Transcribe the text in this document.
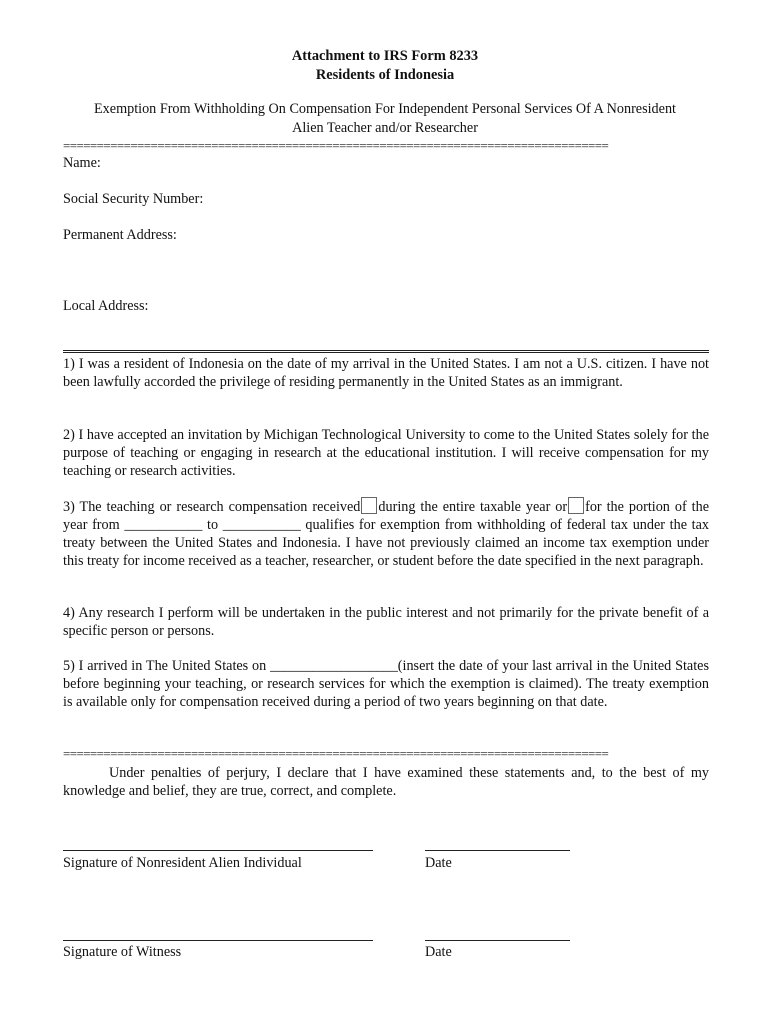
Attachment to IRS Form 8233
Residents of Indonesia
Exemption From Withholding On Compensation For Independent Personal Services Of A Nonresident
Alien Teacher and/or Researcher
=================================================================================
Name:
Social Security Number:
Permanent Address:
Local Address:
1) I was a resident of Indonesia on the date of my arrival in the United States. I am not a U.S. citizen. I have not been lawfully accorded the privilege of residing permanently in the United States as an immigrant.
2) I have accepted an invitation by Michigan Technological University to come to the United States solely for the purpose of teaching or engaging in research at the educational institution. I will receive compensation for my teaching or research activities.
3) The teaching or research compensation received during the entire taxable year or for the portion of the year from ___________ to ___________ qualifies for exemption from withholding of federal tax under the tax treaty between the United States and Indonesia. I have not previously claimed an income tax exemption under this treaty for income received as a teacher, researcher, or student before the date specified in the next paragraph.
4) Any research I perform will be undertaken in the public interest and not primarily for the private benefit of a specific person or persons.
5) I arrived in The United States on __________________(insert the date of your last arrival in the United States before beginning your teaching, or research services for which the exemption is claimed). The treaty exemption is available only for compensation received during a period of two years beginning on that date.
=================================================================================
Under penalties of perjury, I declare that I have examined these statements and, to the best of my knowledge and belief, they are true, correct, and complete.
Signature of Nonresident Alien Individual	Date
Signature of Witness	Date
